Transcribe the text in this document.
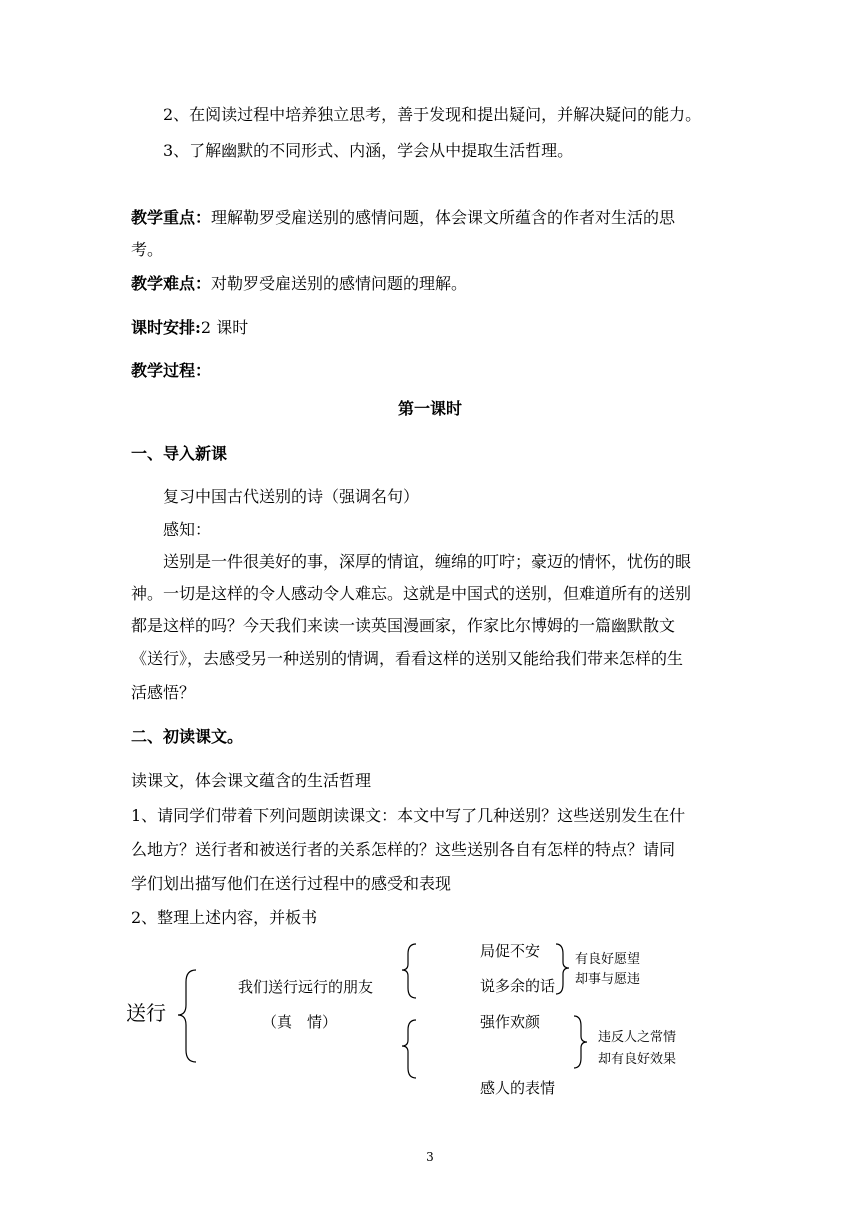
2、在阅读过程中培养独立思考，善于发现和提出疑问，并解决疑问的能力。
3、了解幽默的不同形式、内涵，学会从中提取生活哲理。
教学重点：理解勒罗受雇送别的感情问题，体会课文所蕴含的作者对生活的思
考。
教学难点：对勒罗受雇送别的感情问题的理解。
课时安排:2 课时
教学过程：
第一课时
一、导入新课
复习中国古代送别的诗（强调名句）
感知：
送别是一件很美好的事，深厚的情谊，缠绵的叮咛；豪迈的情怀，忧伤的眼
神。一切是这样的令人感动令人难忘。这就是中国式的送别，但难道所有的送别
都是这样的吗？今天我们来读一读英国漫画家，作家比尔博姆的一篇幽默散文
《送行》，去感受另一种送别的情调，看看这样的送别又能给我们带来怎样的生
活感悟？
二、初读课文。
读课文，体会课文蕴含的生活哲理
1、请同学们带着下列问题朗读课文：本文中写了几种送别？这些送别发生在什
么地方？送行者和被送行者的关系怎样的？这些送别各自有怎样的特点？请同
学们划出描写他们在送行过程中的感受和表现
2、整理上述内容，并板书
送行
我们送行远行的朋友
（真　情）
局促不安
说多余的话
强作欢颜
感人的表情
有良好愿望
却事与愿违
违反人之常情
却有良好效果
3
